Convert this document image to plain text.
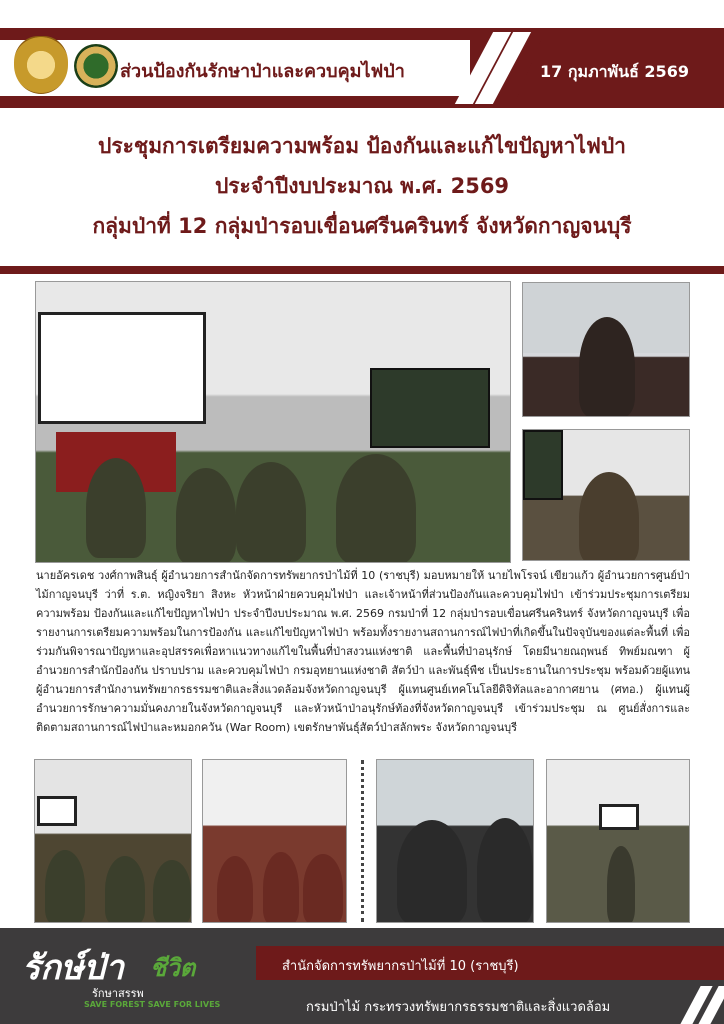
ส่วนป้องกันรักษาป่าและควบคุมไฟป่า	17 กุมภาพันธ์ 2569
ประชุมการเตรียมความพร้อม ป้องกันและแก้ไขปัญหาไฟป่า
ประจำปีงบประมาณ พ.ศ. 2569
กลุ่มป่าที่ 12 กลุ่มป่ารอบเขื่อนศรีนครินทร์ จังหวัดกาญจนบุรี
นายอัครเดช วงศ์กาพสินธุ์ ผู้อำนวยการสำนักจัดการทรัพยากรป่าไม้ที่ 10 (ราชบุรี) มอบหมายให้ นายไพโรจน์ เขียวแก้ว ผู้อำนวยการศูนย์ป่าไม้กาญจนบุรี ว่าที่ ร.ต. หญิงจริยา สิงหะ หัวหน้าฝ่ายควบคุมไฟป่า และเจ้าหน้าที่ส่วนป้องกันและควบคุมไฟป่า เข้าร่วมประชุมการเตรียมความพร้อม ป้องกันและแก้ไขปัญหาไฟป่า ประจำปีงบประมาณ พ.ศ. 2569 กรมป่าที่ 12 กลุ่มป่ารอบเขื่อนศรีนครินทร์ จังหวัดกาญจนบุรี เพื่อรายงานการเตรียมความพร้อมในการป้องกัน และแก้ไขปัญหาไฟป่า พร้อมทั้งรายงานสถานการณ์ไฟป่าที่เกิดขึ้นในปัจจุบันของแต่ละพื้นที่ เพื่อร่วมกันพิจารณาปัญหาและอุปสรรคเพื่อหาแนวทางแก้ไขในพื้นที่ป่าสงวนแห่งชาติ และพื้นที่ป่าอนุรักษ์ โดยมีนายณฤพนธ์ ทิพย์มณฑา ผู้อำนวยการสำนักป้องกัน ปราบปราม และควบคุมไฟป่า กรมอุทยานแห่งชาติ สัตว์ป่า และพันธุ์พืช เป็นประธานในการประชุม พร้อมด้วยผู้แทนผู้อำนวยการสำนักงานทรัพยากรธรรมชาติและสิ่งแวดล้อมจังหวัดกาญจนบุรี ผู้แทนศูนย์เทคโนโลยีดิจิทัลและอากาศยาน (ศทอ.) ผู้แทนผู้อำนวยการรักษาความมั่นคงภายในจังหวัดกาญจนบุรี และหัวหน้าป่าอนุรักษ์ท้องที่จังหวัดกาญจนบุรี เข้าร่วมประชุม ณ ศูนย์สั่งการและติดตามสถานการณ์ไฟป่าและหมอกควัน (War Room) เขตรักษาพันธุ์สัตว์ป่าสลักพระ จังหวัดกาญจนบุรี
รักษ์ป่า ชีวิต
รักษาสรรพ
SAVE FOREST SAVE FOR LIVES
สำนักจัดการทรัพยากรป่าไม้ที่ 10 (ราชบุรี)
กรมป่าไม้ กระทรวงทรัพยากรธรรมชาติและสิ่งแวดล้อม
